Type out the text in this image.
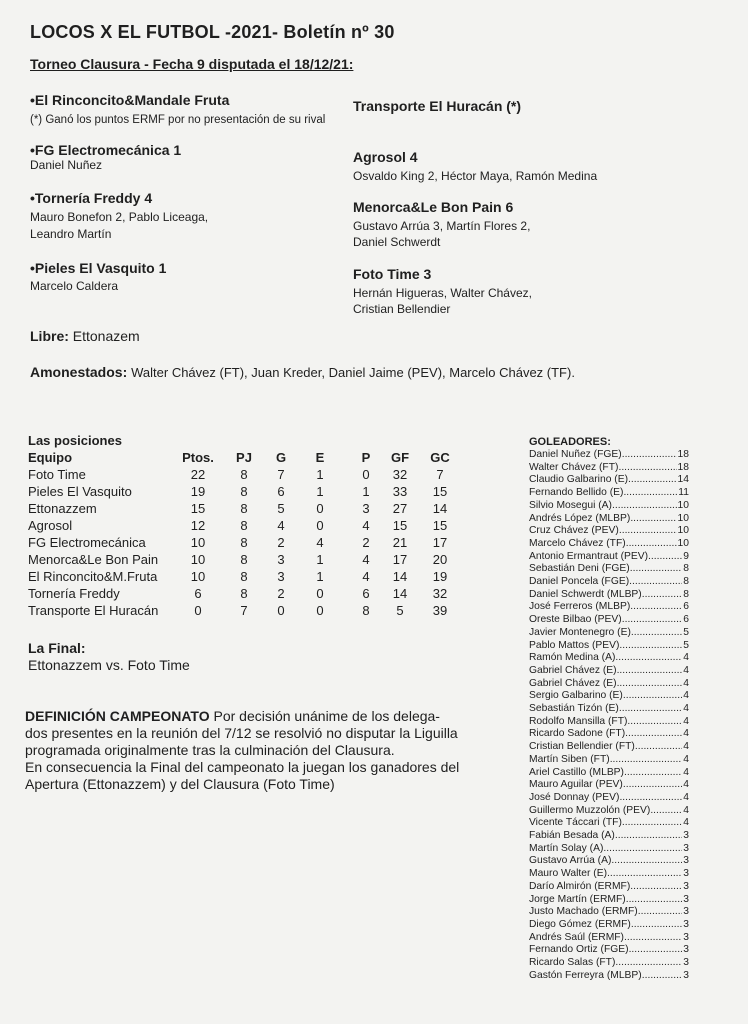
LOCOS X EL FUTBOL -2021- Boletín nº 30
Torneo Clausura - Fecha 9 disputada el 18/12/21:
•El Rinconcito&Mandale Fruta	Transporte El Huracán (*)
(*) Ganó los puntos ERMF por no presentación de su rival
•FG Electromecánica 1
Daniel Nuñez	Agrosol 4
Osvaldo King 2, Héctor Maya, Ramón Medina
•Tornería Freddy 4
Mauro Bonefon 2, Pablo Liceaga,
Leandro Martín
Menorca&Le Bon Pain 6
Gustavo Arrúa 3, Martín Flores 2,
Daniel Schwerdt
•Pieles El Vasquito 1
Marcelo Caldera
Foto Time 3
Hernán Higueras, Walter Chávez,
Cristian Bellendier
Libre: Ettonazem
Amonestados: Walter Chávez (FT), Juan Kreder, Daniel Jaime (PEV), Marcelo Chávez (TF).
Las posiciones							
Equipo	Ptos.	PJ	G	E	P	GF	GC
Foto Time	22	8	7	1	0	32	7
Pieles El Vasquito	19	8	6	1	1	33	15
Ettonazzem	15	8	5	0	3	27	14
Agrosol	12	8	4	0	4	15	15
FG Electromecánica	10	8	2	4	2	21	17
Menorca&Le Bon Pain	10	8	3	1	4	17	20
El Rinconcito&M.Fruta	10	8	3	1	4	14	19
Tornería Freddy	6	8	2	0	6	14	32
Transporte El Huracán	0	7	0	0	8	5	39
La Final:
Ettonazzem vs. Foto Time
DEFINICIÓN CAMPEONATO Por decisión unánime de los delega-
dos presentes en la reunión del 7/12 se resolvió no disputar la Liguilla
programada originalmente tras la culminación del Clausura.
En consecuencia la Final del campeonato la juegan los ganadores del
Apertura (Ettonazzem) y del Clausura (Foto Time)
GOLEADORES:
Daniel Nuñez (FGE) .....	18
Walter Chávez (FT) .....	18
Claudio Galbarino (E) .....	14
Fernando Bellido (E) .....	11
Silvio Mosegui (A) .....	10
Andrés López (MLBP) .....	10
Cruz Chávez (PEV) .....	10
Marcelo Chávez (TF) .....	10
Antonio Ermantraut (PEV) .....	9
Sebastián Deni (FGE) .....	8
Daniel Poncela (FGE) .....	8
Daniel Schwerdt (MLBP) .....	8
José Ferreros (MLBP) .....	6
Oreste Bilbao (PEV) .....	6
Javier Montenegro (E) .....	5
Pablo Mattos (PEV) .....	5
Ramón Medina (A) .....	4
Gabriel Chávez (E) .....	4
Gabriel Chávez (E) .....	4
Sergio Galbarino (E) .....	4
Sebastián Tizón (E) .....	4
Rodolfo Mansilla (FT) .....	4
Ricardo Sadone (FT) .....	4
Cristian Bellendier (FT) .....	4
Martín Siben (FT) .....	4
Ariel Castillo (MLBP) .....	4
Mauro Aguilar (PEV) .....	4
José Donnay (PEV) .....	4
Guillermo Muzzolón (PEV) .....	4
Vicente Táccari (TF) .....	4
Fabián Besada (A) .....	3
Martín Solay (A) .....	3
Gustavo Arrúa (A) .....	3
Mauro Walter (E) .....	3
Darío Almirón (ERMF) .....	3
Jorge Martín (ERMF) .....	3
Justo Machado (ERMF) .....	3
Diego Gómez (ERMF) .....	3
Andrés Saúl (ERMF) .....	3
Fernando Ortiz (FGE) .....	3
Ricardo Salas (FT) .....	3
Gastón Ferreyra (MLBP) .....	3
